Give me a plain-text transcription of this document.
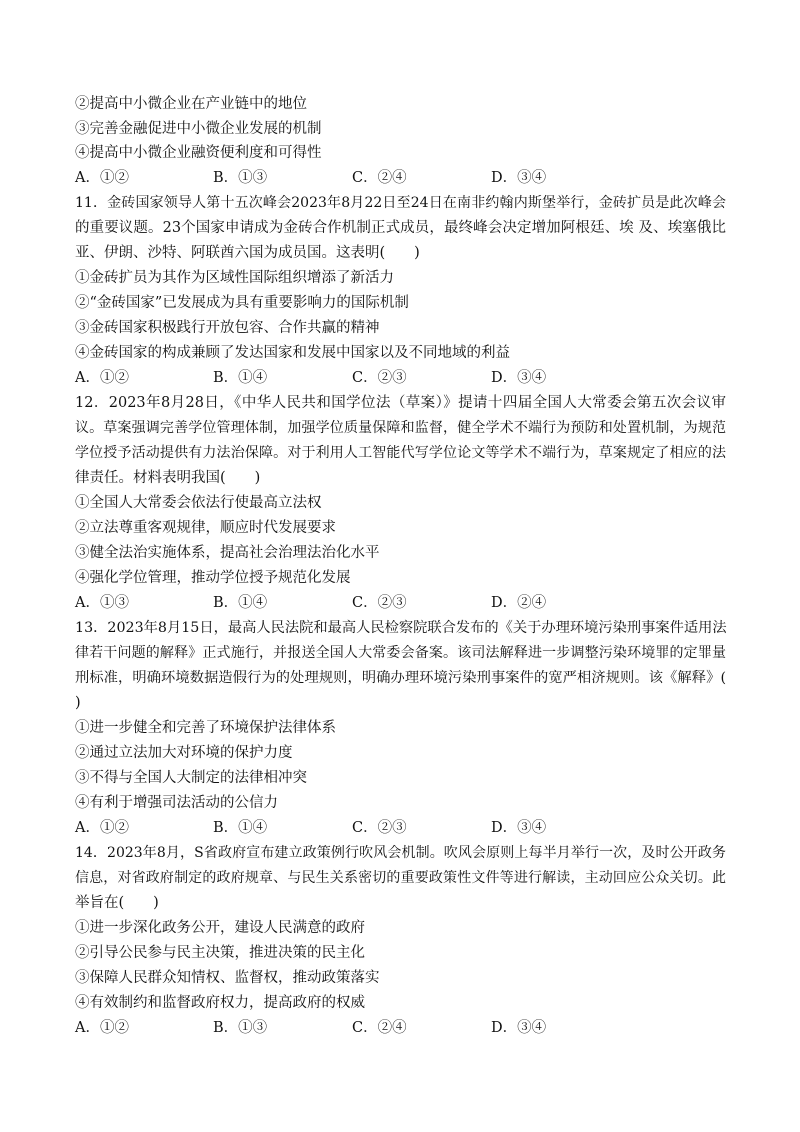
②提高中小微企业在产业链中的地位
③完善金融促进中小微企业发展的机制
④提高中小微企业融资便利度和可得性
A．①②	B．①③	C．②④	D．③④
11．金砖国家领导人第十五次峰会2023年8月22日至24日在南非约翰内斯堡举行，金砖扩员是此次峰会
的重要议题。23个国家申请成为金砖合作机制正式成员，最终峰会决定增加阿根廷、埃 及、埃塞俄比
亚、伊朗、沙特、阿联酋六国为成员国。这表明(　　)
①金砖扩员为其作为区域性国际组织增添了新活力
②“金砖国家”已发展成为具有重要影响力的国际机制
③金砖国家积极践行开放包容、合作共赢的精神
④金砖国家的构成兼顾了发达国家和发展中国家以及不同地域的利益
A．①②	B．①④	C．②③	D．③④
12．2023年8月28日，《中华人民共和国学位法（草案）》提请十四届全国人大常委会第五次会议审
议。草案强调完善学位管理体制，加强学位质量保障和监督，健全学术不端行为预防和处置机制，为规范
学位授予活动提供有力法治保障。对于利用人工智能代写学位论文等学术不端行为，草案规定了相应的法
律责任。材料表明我国(　　)
①全国人大常委会依法行使最高立法权
②立法尊重客观规律，顺应时代发展要求
③健全法治实施体系，提高社会治理法治化水平
④强化学位管理，推动学位授予规范化发展
A．①③	B．①④	C．②③	D．②④
13．2023年8月15日，最高人民法院和最高人民检察院联合发布的《关于办理环境污染刑事案件适用法
律若干问题的解释》正式施行，并报送全国人大常委会备案。该司法解释进一步调整污染环境罪的定罪量
刑标准，明确环境数据造假行为的处理规则，明确办理环境污染刑事案件的宽严相济规则。该《解释》(
)
①进一步健全和完善了环境保护法律体系
②通过立法加大对环境的保护力度
③不得与全国人大制定的法律相冲突
④有利于增强司法活动的公信力
A．①②	B．①④	C．②③	D．③④
14．2023年8月，S省政府宣布建立政策例行吹风会机制。吹风会原则上每半月举行一次，及时公开政务
信息，对省政府制定的政府规章、与民生关系密切的重要政策性文件等进行解读，主动回应公众关切。此
举旨在(　　)
①进一步深化政务公开，建设人民满意的政府
②引导公民参与民主决策，推进决策的民主化
③保障人民群众知情权、监督权，推动政策落实
④有效制约和监督政府权力，提高政府的权威
A．①②	B．①③	C．②④	D．③④
